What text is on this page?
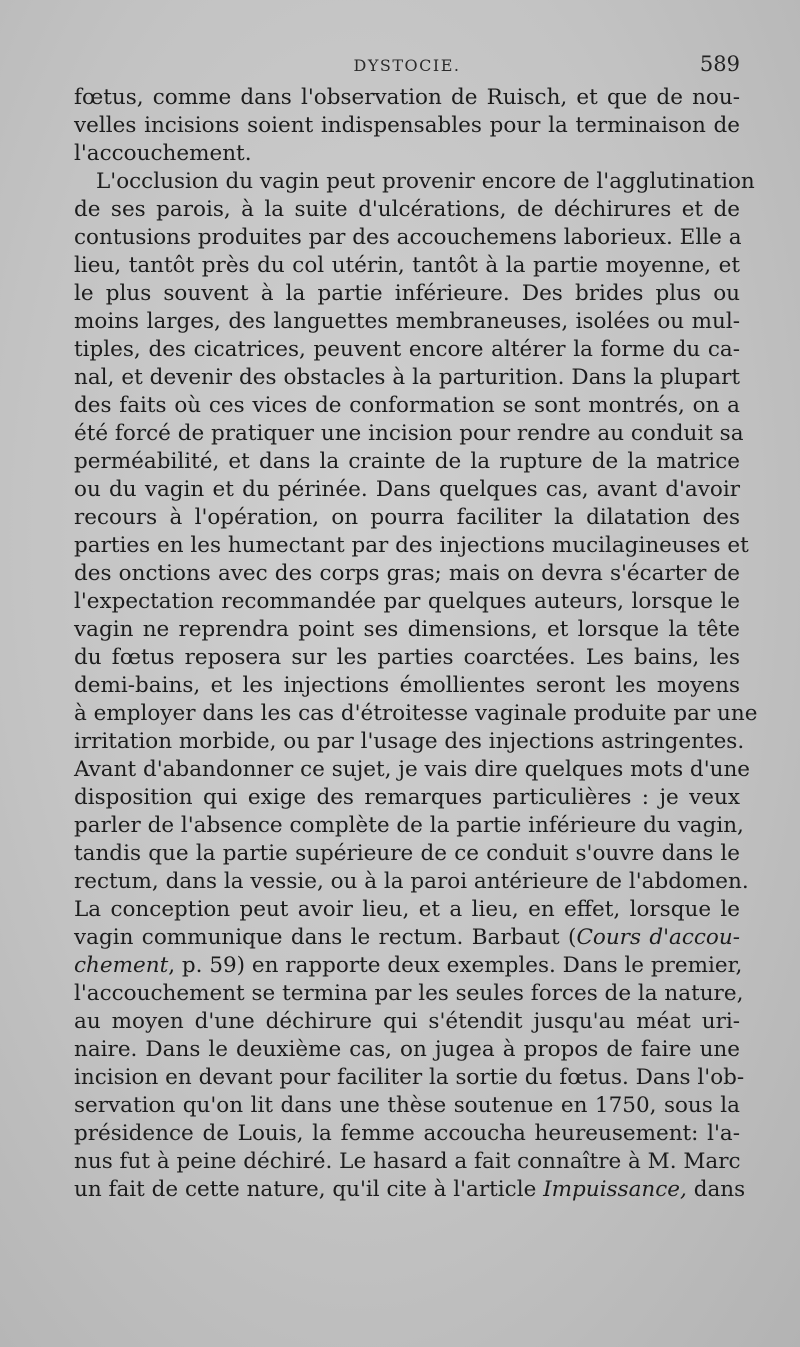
DYSTOCIE.	589
fœtus, comme dans l'observation de Ruisch, et que de nou-
velles incisions soient indispensables pour la terminaison de
l'accouchement.
L'occlusion du vagin peut provenir encore de l'agglutination
de ses parois, à la suite d'ulcérations, de déchirures et de
contusions produites par des accouchemens laborieux. Elle a
lieu, tantôt près du col utérin, tantôt à la partie moyenne, et
le plus souvent à la partie inférieure. Des brides plus ou
moins larges, des languettes membraneuses, isolées ou mul-
tiples, des cicatrices, peuvent encore altérer la forme du ca-
nal, et devenir des obstacles à la parturition. Dans la plupart
des faits où ces vices de conformation se sont montrés, on a
été forcé de pratiquer une incision pour rendre au conduit sa
perméabilité, et dans la crainte de la rupture de la matrice
ou du vagin et du périnée. Dans quelques cas, avant d'avoir
recours à l'opération, on pourra faciliter la dilatation des
parties en les humectant par des injections mucilagineuses et
des onctions avec des corps gras; mais on devra s'écarter de
l'expectation recommandée par quelques auteurs, lorsque le
vagin ne reprendra point ses dimensions, et lorsque la tête
du fœtus reposera sur les parties coarctées. Les bains, les
demi-bains, et les injections émollientes seront les moyens
à employer dans les cas d'étroitesse vaginale produite par une
irritation morbide, ou par l'usage des injections astringentes.
Avant d'abandonner ce sujet, je vais dire quelques mots d'une
disposition qui exige des remarques particulières : je veux
parler de l'absence complète de la partie inférieure du vagin,
tandis que la partie supérieure de ce conduit s'ouvre dans le
rectum, dans la vessie, ou à la paroi antérieure de l'abdomen.
La conception peut avoir lieu, et a lieu, en effet, lorsque le
vagin communique dans le rectum. Barbaut (Cours d'accou-
chement, p. 59) en rapporte deux exemples. Dans le premier,
l'accouchement se termina par les seules forces de la nature,
au moyen d'une déchirure qui s'étendit jusqu'au méat uri-
naire. Dans le deuxième cas, on jugea à propos de faire une
incision en devant pour faciliter la sortie du fœtus. Dans l'ob-
servation qu'on lit dans une thèse soutenue en 1750, sous la
présidence de Louis, la femme accoucha heureusement: l'a-
nus fut à peine déchiré. Le hasard a fait connaître à M. Marc
un fait de cette nature, qu'il cite à l'article Impuissance, dans
